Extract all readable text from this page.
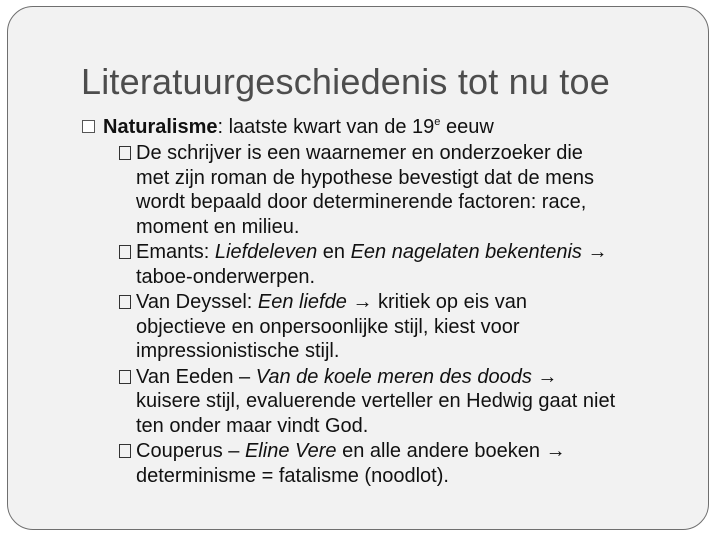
Literatuurgeschiedenis tot nu toe
Naturalisme: laatste kwart van de 19e eeuw
De schrijver is een waarnemer en onderzoeker die
met zijn roman de hypothese bevestigt dat de mens
wordt bepaald door determinerende factoren: race,
moment en milieu.
Emants: Liefdeleven en Een nagelaten bekentenis →
taboe-onderwerpen.
Van Deyssel: Een liefde → kritiek op eis van
objectieve en onpersoonlijke stijl, kiest voor
impressionistische stijl.
Van Eeden – Van de koele meren des doods →
kuisere stijl, evaluerende verteller en Hedwig gaat niet
ten onder maar vindt God.
Couperus – Eline Vere en alle andere boeken →
determinisme = fatalisme (noodlot).
